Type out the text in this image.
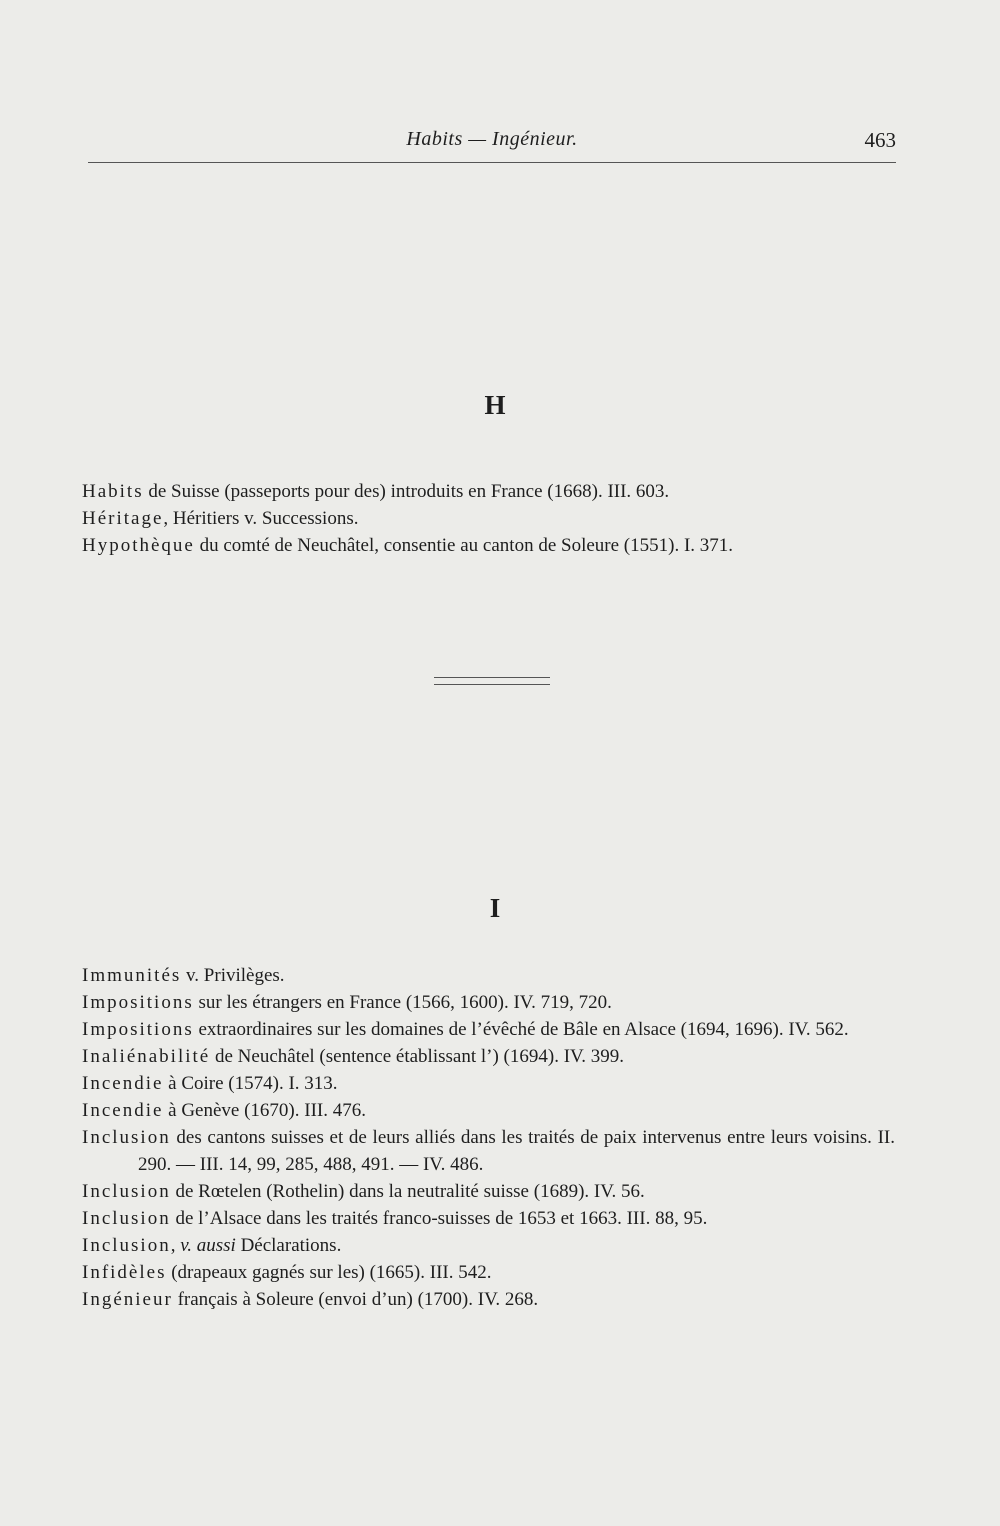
Habits — Ingénieur.	463
H
Habits de Suisse (passeports pour des) introduits en France (1668). III. 603.
Héritage, Héritiers v. Successions.
Hypothèque du comté de Neuchâtel, consentie au canton de Soleure (1551). I. 371.
I
Immunités v. Privilèges.
Impositions sur les étrangers en France (1566, 1600). IV. 719, 720.
Impositions extraordinaires sur les domaines de l’évêché de Bâle en Alsace (1694, 1696). IV. 562.
Inaliénabilité de Neuchâtel (sentence établissant l’) (1694). IV. 399.
Incendie à Coire (1574). I. 313.
Incendie à Genève (1670). III. 476.
Inclusion des cantons suisses et de leurs alliés dans les traités de paix intervenus entre leurs voisins. II. 290. — III. 14, 99, 285, 488, 491. — IV. 486.
Inclusion de Rœtelen (Rothelin) dans la neutralité suisse (1689). IV. 56.
Inclusion de l’Alsace dans les traités franco-suisses de 1653 et 1663. III. 88, 95.
Inclusion, v. aussi Déclarations.
Infidèles (drapeaux gagnés sur les) (1665). III. 542.
Ingénieur français à Soleure (envoi d’un) (1700). IV. 268.
